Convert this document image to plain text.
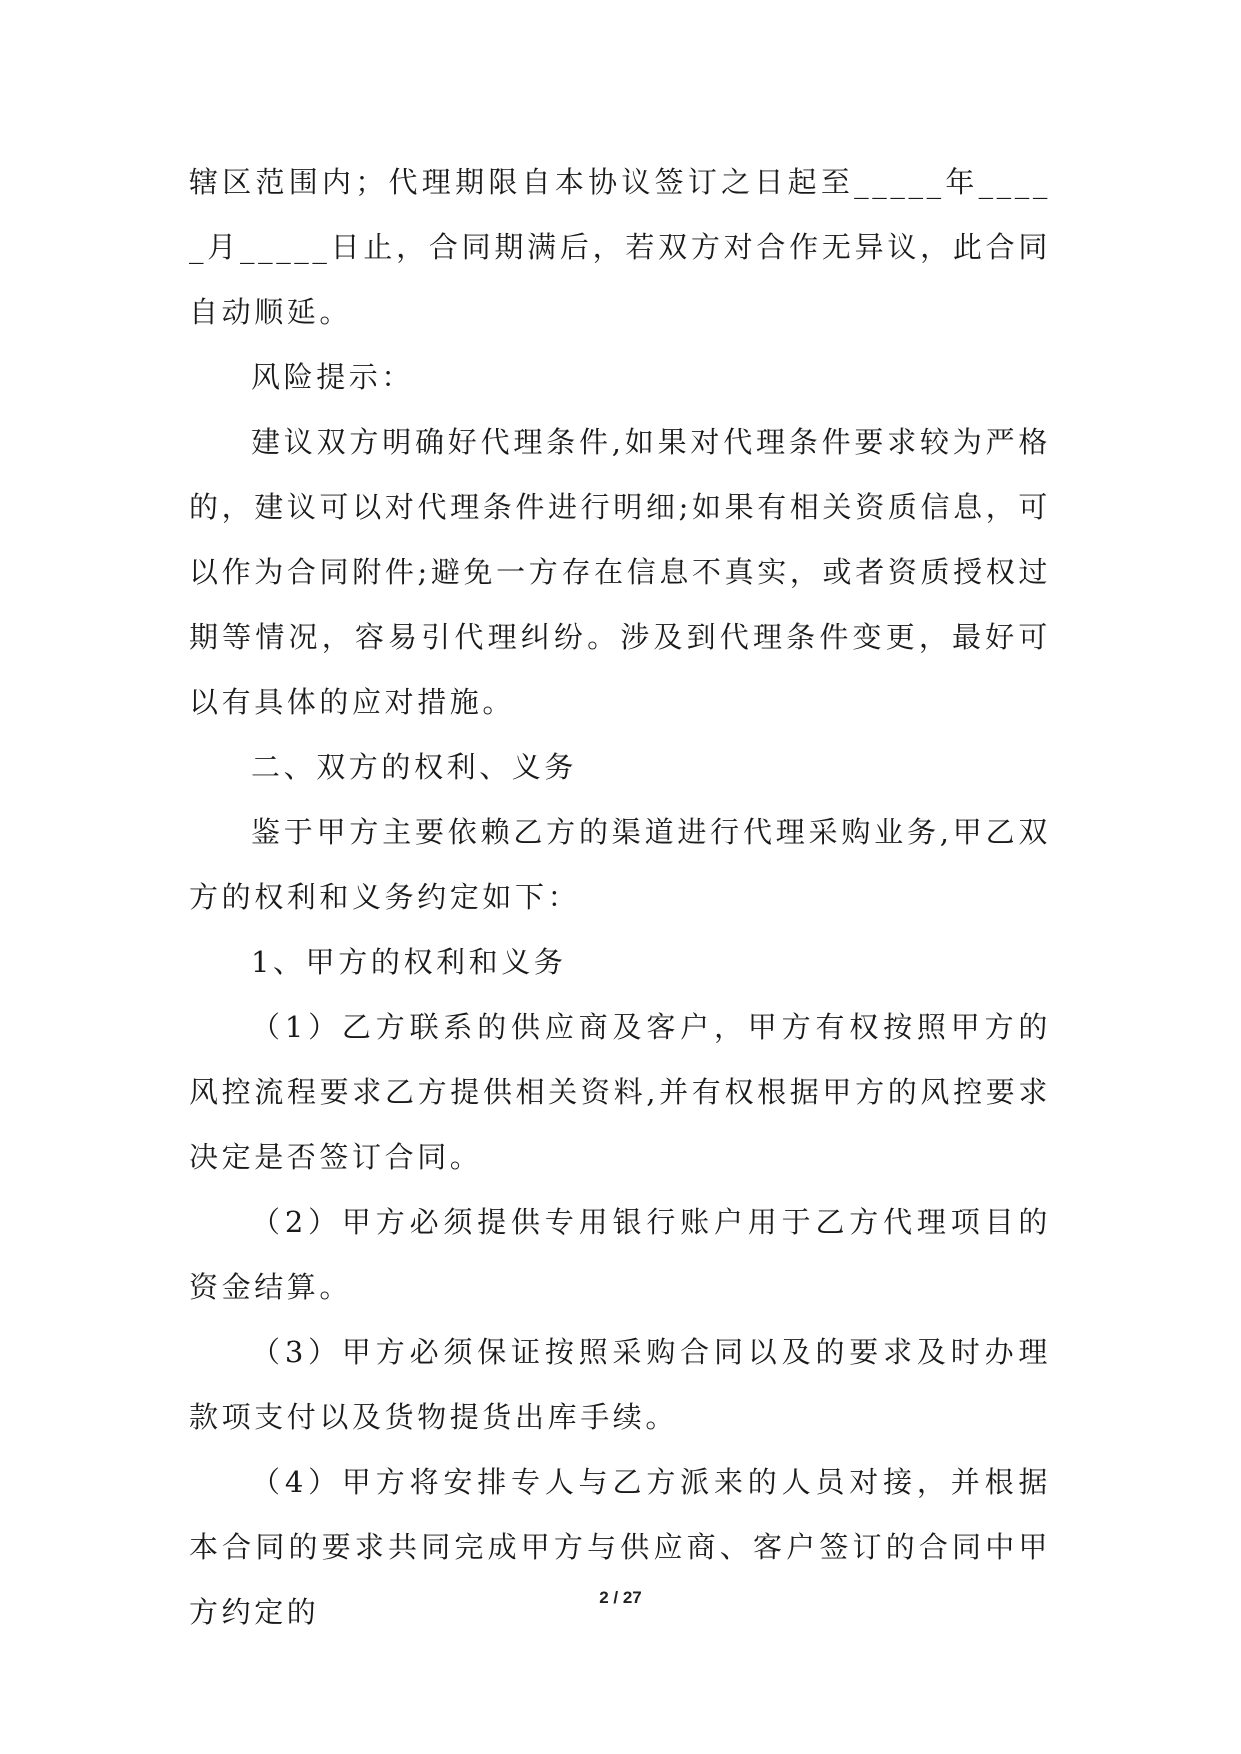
辖区范围内；代理期限自本协议签订之日起至_____年_____月_____日止，合同期满后，若双方对合作无异议，此合同自动顺延。

风险提示：

建议双方明确好代理条件,如果对代理条件要求较为严格的，建议可以对代理条件进行明细;如果有相关资质信息，可以作为合同附件;避免一方存在信息不真实，或者资质授权过期等情况，容易引代理纠纷。涉及到代理条件变更，最好可以有具体的应对措施。

二、双方的权利、义务

鉴于甲方主要依赖乙方的渠道进行代理采购业务,甲乙双方的权利和义务约定如下：

1、甲方的权利和义务

（1）乙方联系的供应商及客户，甲方有权按照甲方的风控流程要求乙方提供相关资料,并有权根据甲方的风控要求决定是否签订合同。

（2）甲方必须提供专用银行账户用于乙方代理项目的资金结算。

（3）甲方必须保证按照采购合同以及的要求及时办理款项支付以及货物提货出库手续。

（4）甲方将安排专人与乙方派来的人员对接，并根据本合同的要求共同完成甲方与供应商、客户签订的合同中甲方约定的	2 / 27
